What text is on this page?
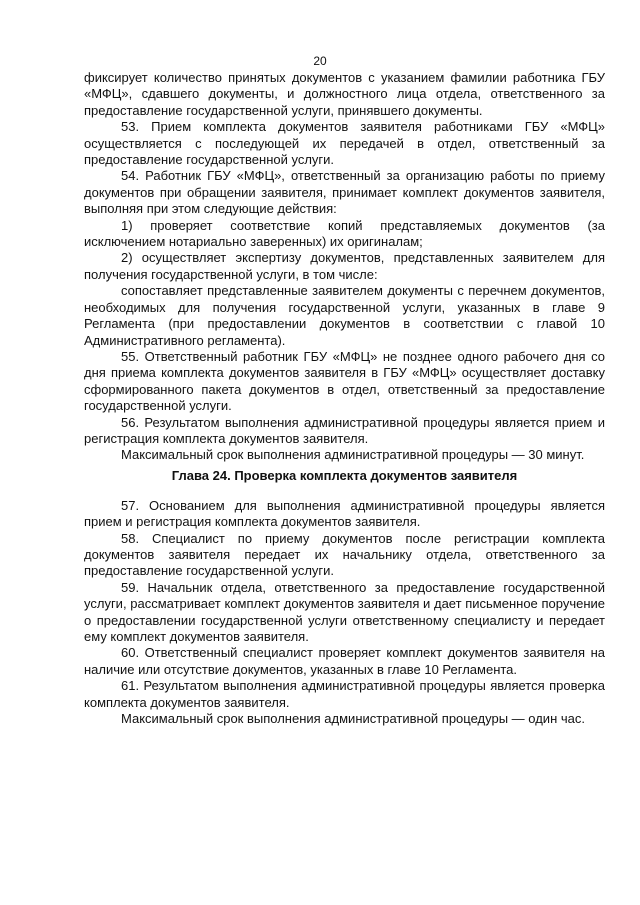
20

фиксирует количество принятых документов с указанием фамилии работника ГБУ «МФЦ», сдавшего документы, и должностного лица отдела, ответственного за предоставление государственной услуги, принявшего документы.

53. Прием комплекта документов заявителя работниками ГБУ «МФЦ» осуществляется с последующей их передачей в отдел, ответственный за предоставление государственной услуги.

54. Работник ГБУ «МФЦ», ответственный за организацию работы по приему документов при обращении заявителя, принимает комплект документов заявителя, выполняя при этом следующие действия:

1) проверяет соответствие копий представляемых документов (за исключением нотариально заверенных) их оригиналам;

2) осуществляет экспертизу документов, представленных заявителем для получения государственной услуги, в том числе:

сопоставляет представленные заявителем документы с перечнем документов, необходимых для получения государственной услуги, указанных в главе 9 Регламента (при предоставлении документов в соответствии с главой 10 Административного регламента).

55. Ответственный работник ГБУ «МФЦ» не позднее одного рабочего дня со дня приема комплекта документов заявителя в ГБУ «МФЦ» осуществляет доставку сформированного пакета документов в отдел, ответственный за предоставление государственной услуги.

56. Результатом выполнения административной процедуры является прием и регистрация комплекта документов заявителя.

Максимальный срок выполнения административной процедуры — 30 минут.

Глава 24. Проверка комплекта документов заявителя

57. Основанием для выполнения административной процедуры является прием и регистрация комплекта документов заявителя.

58. Специалист по приему документов после регистрации комплекта документов заявителя передает их начальнику отдела, ответственного за предоставление государственной услуги.

59. Начальник отдела, ответственного за предоставление государственной услуги, рассматривает комплект документов заявителя и дает письменное поручение о предоставлении государственной услуги ответственному специалисту и передает ему комплект документов заявителя.

60. Ответственный специалист проверяет комплект документов заявителя на наличие или отсутствие документов, указанных в главе 10 Регламента.

61. Результатом выполнения административной процедуры является проверка комплекта документов заявителя.

Максимальный срок выполнения административной процедуры — один час.
